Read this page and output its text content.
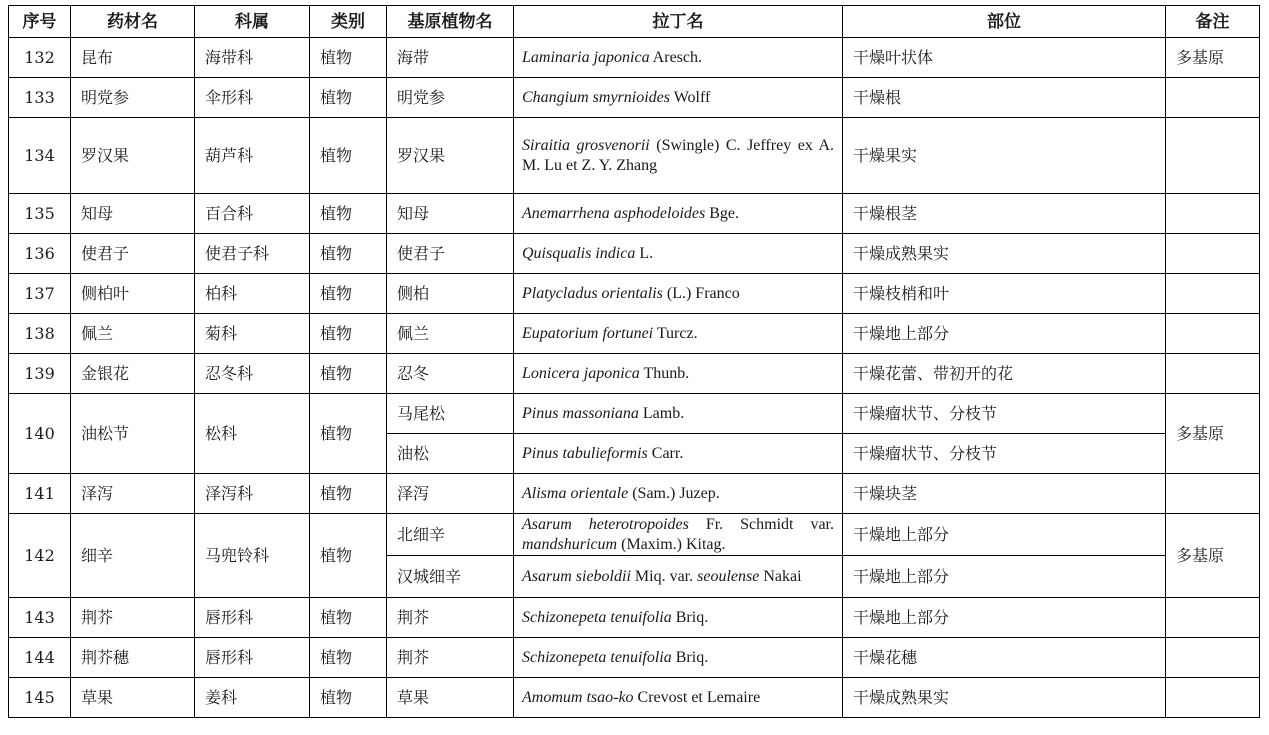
序号	药材名	科属	类别	基原植物名	拉丁名	部位	备注
132	昆布	海带科	植物	海带	Laminaria japonica Aresch.	干燥叶状体	多基原
133	明党参	伞形科	植物	明党参	Changium smyrnioides Wolff	干燥根	
134	罗汉果	葫芦科	植物	罗汉果	Siraitia grosvenorii (Swingle) C. Jeffrey ex A. M. Lu et Z. Y. Zhang	干燥果实	
135	知母	百合科	植物	知母	Anemarrhena asphodeloides Bge.	干燥根茎	
136	使君子	使君子科	植物	使君子	Quisqualis indica L.	干燥成熟果实	
137	侧柏叶	柏科	植物	侧柏	Platycladus orientalis (L.) Franco	干燥枝梢和叶	
138	佩兰	菊科	植物	佩兰	Eupatorium fortunei Turcz.	干燥地上部分	
139	金银花	忍冬科	植物	忍冬	Lonicera japonica Thunb.	干燥花蕾、带初开的花	
140	油松节	松科	植物	马尾松	Pinus massoniana Lamb.	干燥瘤状节、分枝节	多基原
				油松	Pinus tabulieformis Carr.	干燥瘤状节、分枝节	
141	泽泻	泽泻科	植物	泽泻	Alisma orientale (Sam.) Juzep.	干燥块茎	
142	细辛	马兜铃科	植物	北细辛	Asarum heterotropoides Fr. Schmidt var. mandshuricum (Maxim.) Kitag.	干燥地上部分	多基原
				汉城细辛	Asarum sieboldii Miq. var. seoulense Nakai	干燥地上部分	
143	荆芥	唇形科	植物	荆芥	Schizonepeta tenuifolia Briq.	干燥地上部分	
144	荆芥穗	唇形科	植物	荆芥	Schizonepeta tenuifolia Briq.	干燥花穗	
145	草果	姜科	植物	草果	Amomum tsao-ko Crevost et Lemaire	干燥成熟果实	
